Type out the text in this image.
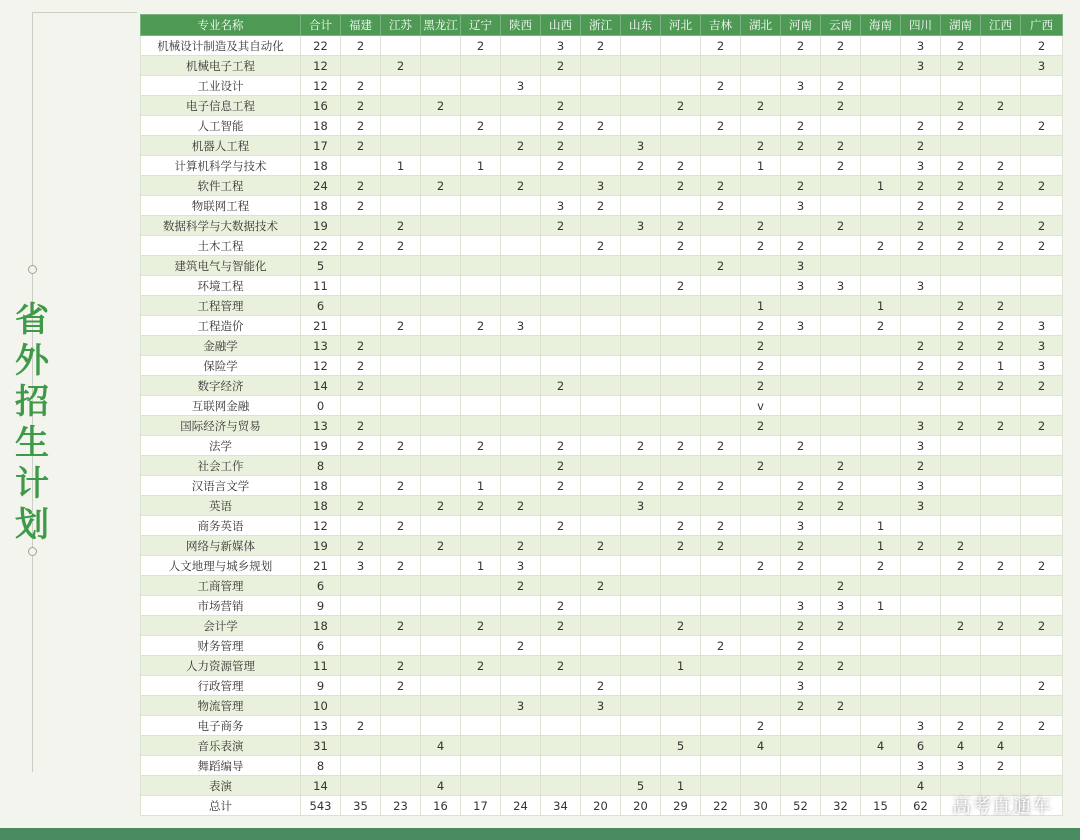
省外招生计划
专业名称	合计	福建	江苏	黑龙江	辽宁	陕西	山西	浙江	山东	河北	吉林	湖北	河南	云南	海南	四川	湖南	江西	广西
机械设计制造及其自动化	22	2			2		3	2			2		2	2		3	2		2
机械电子工程	12		2				2									3	2		3
工业设计	12	2				3					2		3	2					
电子信息工程	16	2		2			2			2		2		2			2	2	
人工智能	18	2			2		2	2			2		2			2	2		2
机器人工程	17	2				2	2		3			2	2	2		2			
计算机科学与技术	18		1		1		2		2	2		1		2		3	2	2	
软件工程	24	2		2		2		3		2	2		2		1	2	2	2	2
物联网工程	18	2					3	2			2		3			2	2	2	
数据科学与大数据技术	19		2				2		3	2		2		2		2	2		2
土木工程	22	2	2					2		2		2	2		2	2	2	2	2
建筑电气与智能化	5										2		3						
环境工程	11									2			3	3		3			
工程管理	6											1			1		2	2	
工程造价	21		2		2	3						2	3		2		2	2	3
金融学	13	2										2				2	2	2	3
保险学	12	2										2				2	2	1	3
数字经济	14	2					2					2				2	2	2	2
互联网金融	0											v							
国际经济与贸易	13	2										2				3	2	2	2
法学	19	2	2		2		2		2	2	2		2			3			
社会工作	8						2					2		2		2			
汉语言文学	18		2		1		2		2	2	2		2	2		3			
英语	18	2		2	2	2			3				2	2		3			
商务英语	12		2				2			2	2		3		1				
网络与新媒体	19	2		2		2		2		2	2		2		1	2	2		
人文地理与城乡规划	21	3	2		1	3						2	2		2		2	2	2
工商管理	6					2		2						2					
市场营销	9						2						3	3	1				
会计学	18		2		2		2			2			2	2			2	2	2
财务管理	6					2					2		2						
人力资源管理	11		2		2		2			1			2	2					
行政管理	9		2					2					3						2
物流管理	10					3		3					2	2					
电子商务	13	2										2				3	2	2	2
音乐表演	31			4						5		4			4	6	4	4	
舞蹈编导	8															3	3	2	
表演	14			4					5	1						4			
总计	543	35	23	16	17	24	34	20	20	29	22	30	52	32	15	62			高考直通车
